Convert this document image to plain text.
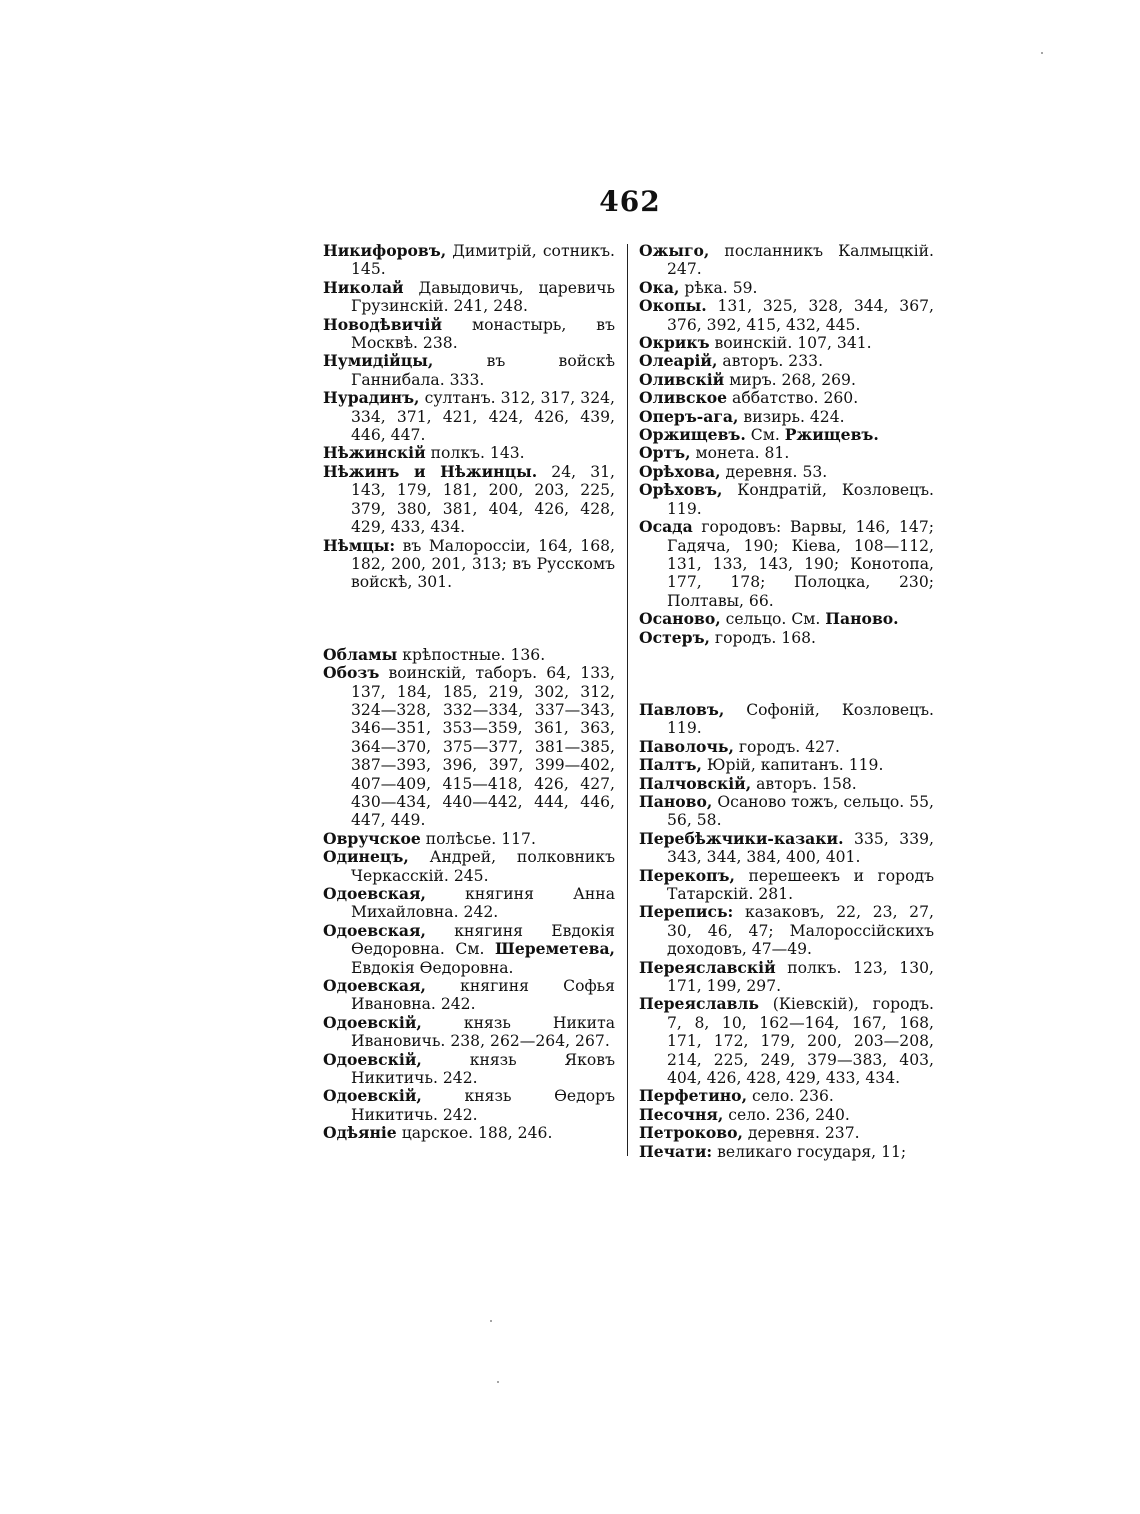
462

Никифоровъ, Димитрій, сотникъ. 145.

Николай Давыдовичь, царевичь Грузинскій. 241, 248.

Новодѣвичій монастырь, въ Москвѣ. 238.

Нумидійцы, въ войскѣ Ганнибала. 333.

Нурадинъ, султанъ. 312, 317, 324, 334, 371, 421, 424, 426, 439, 446, 447.

Нѣжинскій полкъ. 143.

Нѣжинъ и Нѣжинцы. 24, 31, 143, 179, 181, 200, 203, 225, 379, 380, 381, 404, 426, 428, 429, 433, 434.

Нѣмцы: въ Малороссіи, 164, 168, 182, 200, 201, 313; въ Русскомъ войскѣ, 301.

Обламы крѣпостные. 136.

Обозъ воинскій, таборъ. 64, 133, 137, 184, 185, 219, 302, 312, 324—328, 332—334, 337—343, 346—351, 353—359, 361, 363, 364—370, 375—377, 381—385, 387—393, 396, 397, 399—402, 407—409, 415—418, 426, 427, 430—434, 440—442, 444, 446, 447, 449.

Овручское полѣсье. 117.

Одинецъ, Андрей, полковникъ Черкасскій. 245.

Одоевская, княгиня Анна Михайловна. 242.

Одоевская, княгиня Евдокія Өедоровна. См. Шереметева, Евдокія Өедоровна.

Одоевская, княгиня Софья Ивановна. 242.

Одоевскій, князь Никита Ивановичь. 238, 262—264, 267.

Одоевскій, князь Яковъ Никитичь. 242.

Одоевскій, князь Өедоръ Никитичь. 242.

Одѣяніе царское. 188, 246.

Ожыго, посланникъ Калмыцкій. 247.

Ока, рѣка. 59.

Окопы. 131, 325, 328, 344, 367, 376, 392, 415, 432, 445.

Окрикъ воинскій. 107, 341.

Олеарій, авторъ. 233.

Оливскій миръ. 268, 269.

Оливское аббатство. 260.

Оперъ-ага, визирь. 424.

Оржищевъ. См. Ржищевъ.

Ортъ, монета. 81.

Орѣхова, деревня. 53.

Орѣховъ, Кондратій, Козловецъ. 119.

Осада городовъ: Варвы, 146, 147; Гадяча, 190; Кіева, 108—112, 131, 133, 143, 190; Конотопа, 177, 178; Полоцка, 230; Полтавы, 66.

Осаново, сельцо. См. Паново.

Остеръ, городъ. 168.

Павловъ, Софоній, Козловецъ. 119.

Паволочь, городъ. 427.

Палтъ, Юрій, капитанъ. 119.

Палчовскій, авторъ. 158.

Паново, Осаново тожъ, сельцо. 55, 56, 58.

Перебѣжчики-казаки. 335, 339, 343, 344, 384, 400, 401.

Перекопъ, перешеекъ и городъ Татарскій. 281.

Перепись: казаковъ, 22, 23, 27, 30, 46, 47; Малороссійскихъ доходовъ, 47—49.

Переяславскій полкъ. 123, 130, 171, 199, 297.

Переяславль (Кіевскій), городъ. 7, 8, 10, 162—164, 167, 168, 171, 172, 179, 200, 203—208, 214, 225, 249, 379—383, 403, 404, 426, 428, 429, 433, 434.

Перфетино, село. 236.

Песочня, село. 236, 240.

Петроково, деревня. 237.

Печати: великаго государя, 11;
